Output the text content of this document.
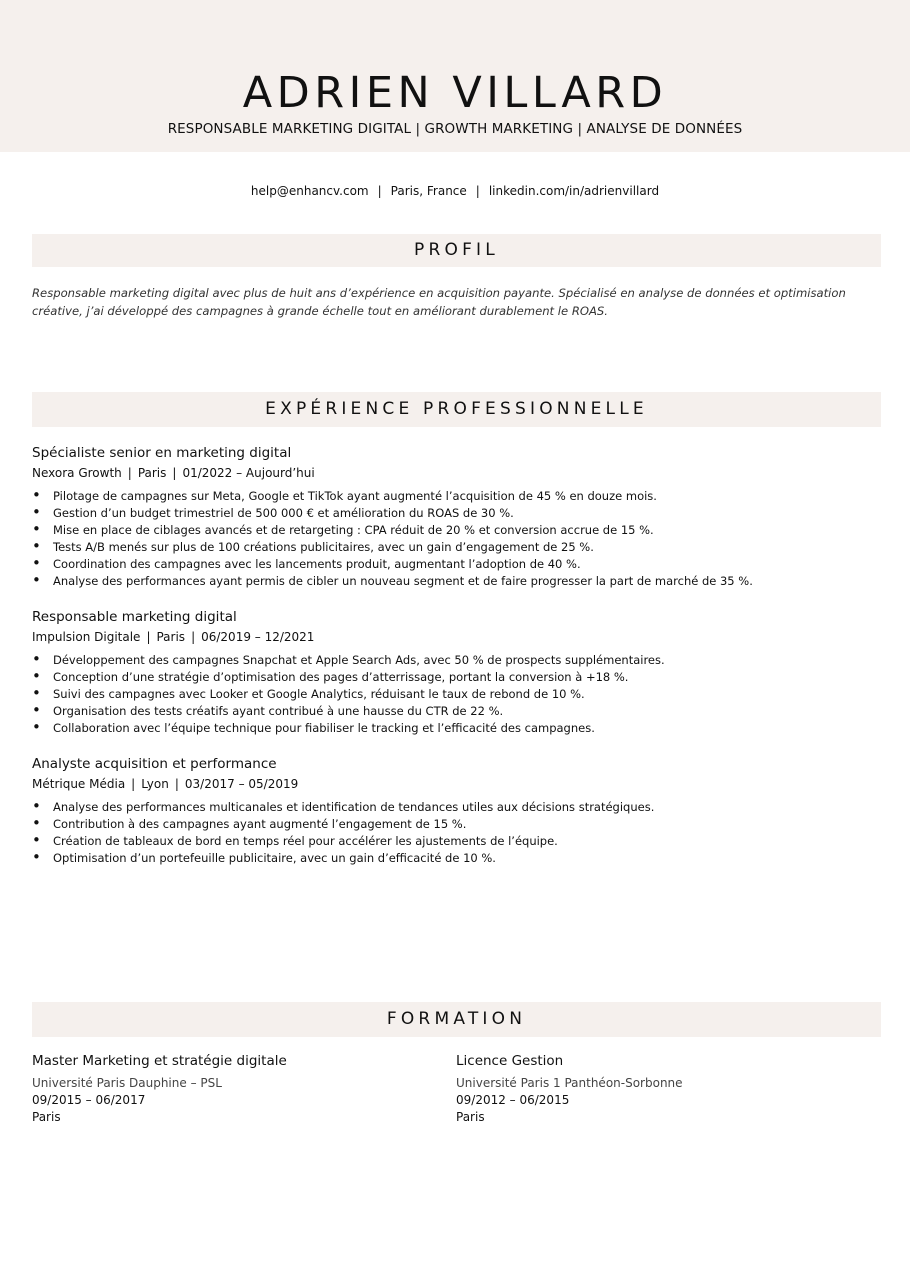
ADRIEN VILLARD
RESPONSABLE MARKETING DIGITAL | GROWTH MARKETING | ANALYSE DE DONNÉES
help@enhancv.com | Paris, France | linkedin.com/in/adrienvillard
PROFIL

Responsable marketing digital avec plus de huit ans d’expérience en acquisition payante. Spécialisé en analyse de données et optimisation créative, j’ai développé des campagnes à grande échelle tout en améliorant durablement le ROAS.

EXPÉRIENCE PROFESSIONNELLE
Spécialiste senior en marketing digital
Nexora Growth | Paris | 01/2022 – Aujourd’hui
• Pilotage de campagnes sur Meta, Google et TikTok ayant augmenté l’acquisition de 45 % en douze mois.
• Gestion d’un budget trimestriel de 500 000 € et amélioration du ROAS de 30 %.
• Mise en place de ciblages avancés et de retargeting : CPA réduit de 20 % et conversion accrue de 15 %.
• Tests A/B menés sur plus de 100 créations publicitaires, avec un gain d’engagement de 25 %.
• Coordination des campagnes avec les lancements produit, augmentant l’adoption de 40 %.
• Analyse des performances ayant permis de cibler un nouveau segment et de faire progresser la part de marché de 35 %.
Responsable marketing digital
Impulsion Digitale | Paris | 06/2019 – 12/2021
• Développement des campagnes Snapchat et Apple Search Ads, avec 50 % de prospects supplémentaires.
• Conception d’une stratégie d’optimisation des pages d’atterrissage, portant la conversion à +18 %.
• Suivi des campagnes avec Looker et Google Analytics, réduisant le taux de rebond de 10 %.
• Organisation des tests créatifs ayant contribué à une hausse du CTR de 22 %.
• Collaboration avec l’équipe technique pour fiabiliser le tracking et l’efficacité des campagnes.
Analyste acquisition et performance
Métrique Média | Lyon | 03/2017 – 05/2019
• Analyse des performances multicanales et identification de tendances utiles aux décisions stratégiques.
• Contribution à des campagnes ayant augmenté l’engagement de 15 %.
• Création de tableaux de bord en temps réel pour accélérer les ajustements de l’équipe.
• Optimisation d’un portefeuille publicitaire, avec un gain d’efficacité de 10 %.
FORMATION
Master Marketing et stratégie digitale
Université Paris Dauphine – PSL
09/2015 – 06/2017
Paris
Licence Gestion
Université Paris 1 Panthéon-Sorbonne
09/2012 – 06/2015
Paris
